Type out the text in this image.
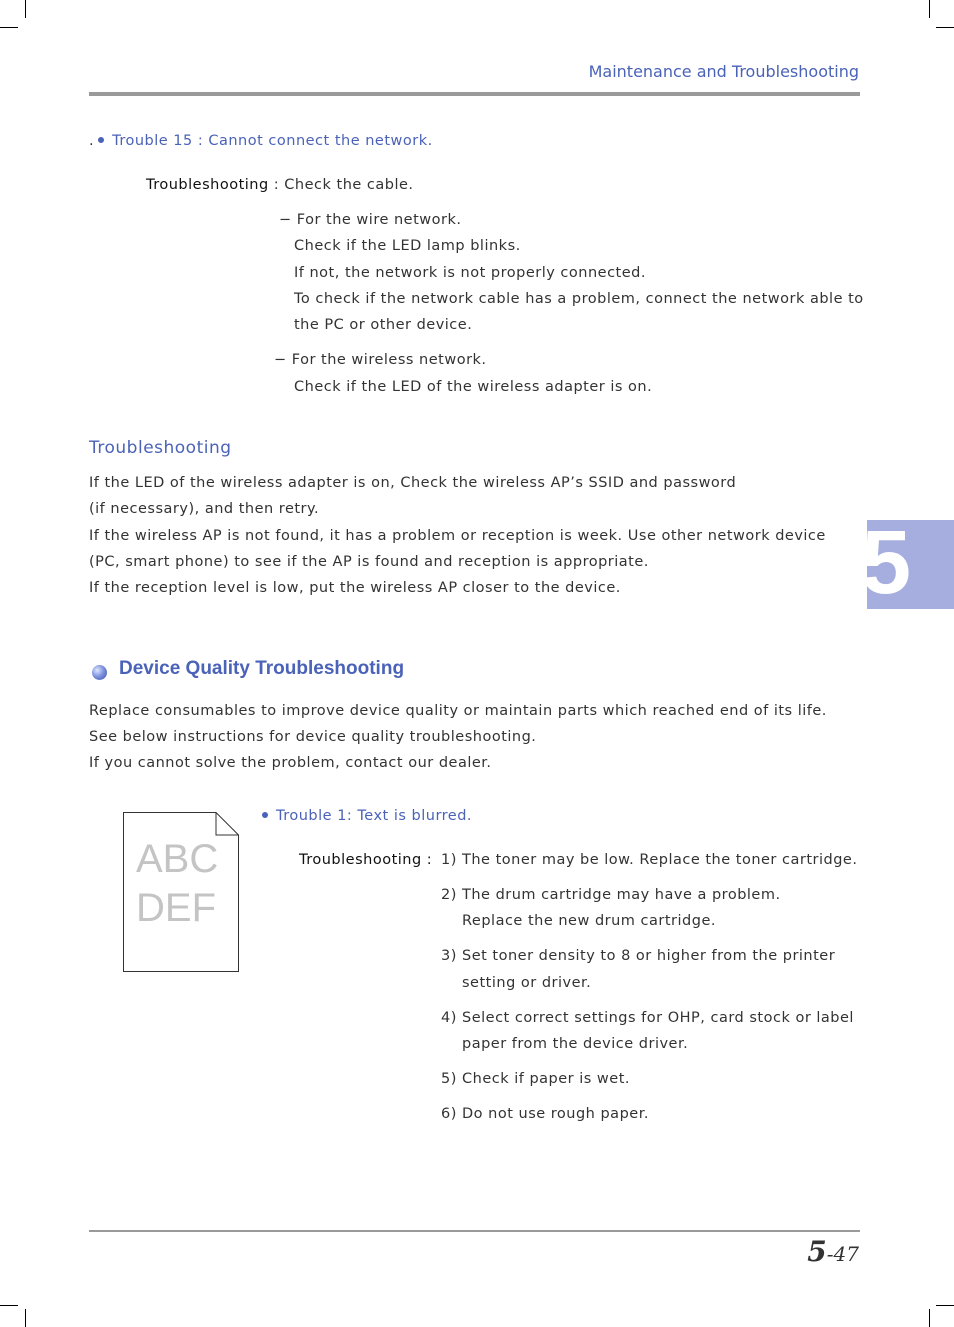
Maintenance and Troubleshooting
. Trouble 15 : Cannot connect the network.
Troubleshooting : Check the cable.
− For the wire network.
Check if the LED lamp blinks.
If not, the network is not properly connected.
To check if the network cable has a problem, connect the network able to
the PC or other device.
− For the wireless network.
Check if the LED of the wireless adapter is on.
Troubleshooting
If the LED of the wireless adapter is on, Check the wireless AP’s SSID and password
(if necessary), and then retry.
If the wireless AP is not found, it has a problem or reception is week. Use other network device
(PC, smart phone) to see if the AP is found and reception is appropriate.
If the reception level is low, put the wireless AP closer to the device.	5
Device Quality Troubleshooting
Replace consumables to improve device quality or maintain parts which reached end of its life.
See below instructions for device quality troubleshooting.
If you cannot solve the problem, contact our dealer.
ABC
DEF
Trouble 1: Text is blurred.
Troubleshooting : 1) The toner may be low. Replace the toner cartridge.
2) The drum cartridge may have a problem.
Replace the new drum cartridge.
3) Set toner density to 8 or higher from the printer
setting or driver.
4) Select correct settings for OHP, card stock or label
paper from the device driver.
5) Check if paper is wet.
6) Do not use rough paper.
5-47
